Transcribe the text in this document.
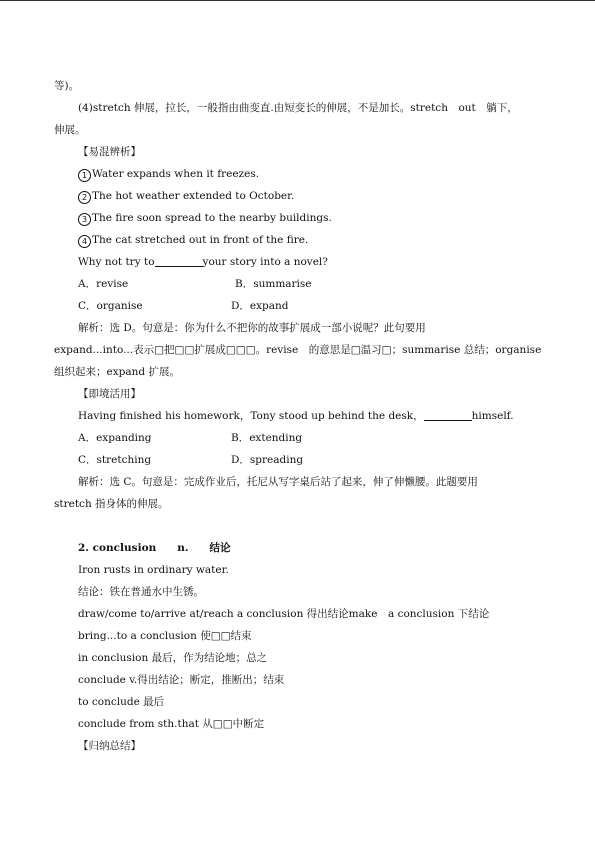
等)。
(4)stretch 伸展，拉长，一般指由曲变直.由短变长的伸展，不是加长。stretch　out　躺下，
伸展。
【易混辨析】
1 Water expands when it freezes.
2 The hot weather extended to October.
3 The fire soon spread to the nearby buildings.
4 The cat stretched out in front of the fire.
Why not try to	your story into a novel?
A．revise	B．summarise
C．organise	D．expand
解析：选 D。句意是：你为什么不把你的故事扩展成一部小说呢？此句要用
expand...into...表示□把□□扩展成□□□。revise　的意思是□温习□；summarise 总结；organise
组织起来；expand 扩展。
【即境活用】
Having finished his homework，Tony stood up behind the desk，	himself.
A．expanding	B．extending
C．stretching	D．spreading
解析：选 C。句意是：完成作业后，托尼从写字桌后站了起来，伸了伸懒腰。此题要用
stretch 指身体的伸展。
2. conclusion　　n.　　结论
Iron rusts in ordinary water.
结论：铁在普通水中生锈。
draw/come to/arrive at/reach a conclusion 得出结论make　a conclusion 下结论
bring...to a conclusion 使□□结束
in conclusion 最后，作为结论地；总之
conclude v.得出结论；断定，推断出；结束
to conclude 最后
conclude from sth.that 从□□中断定
【归纳总结】
